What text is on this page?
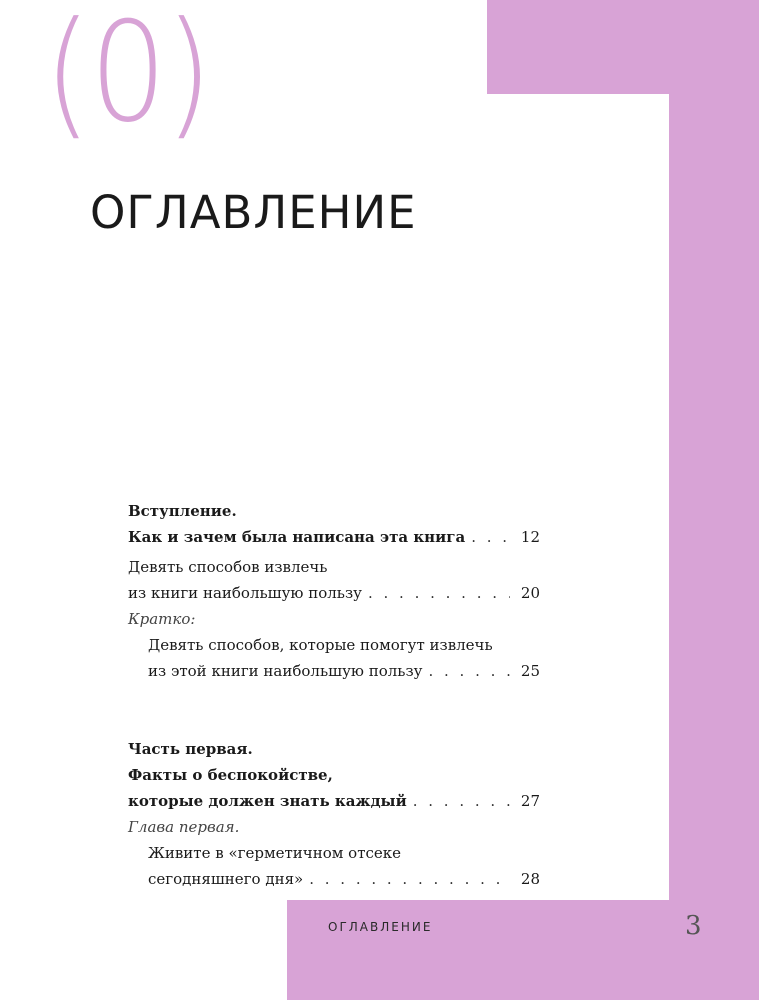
(0)
ОГЛАВЛЕНИЕ
Вступление.
Как и зачем была написана эта книга . . .	12
Девять способов извлечь
из книги наибольшую пользу . . .	20
Кратко:
Девять способов, которые помогут извлечь
из этой книги наибольшую пользу . . .	25
Часть первая.
Факты о беспокойстве,
которые должен знать каждый . . .	27
Глава первая.
Живите в «герметичном отсеке
сегодняшнего дня» . . .	28
ОГЛАВЛЕНИЕ	3
